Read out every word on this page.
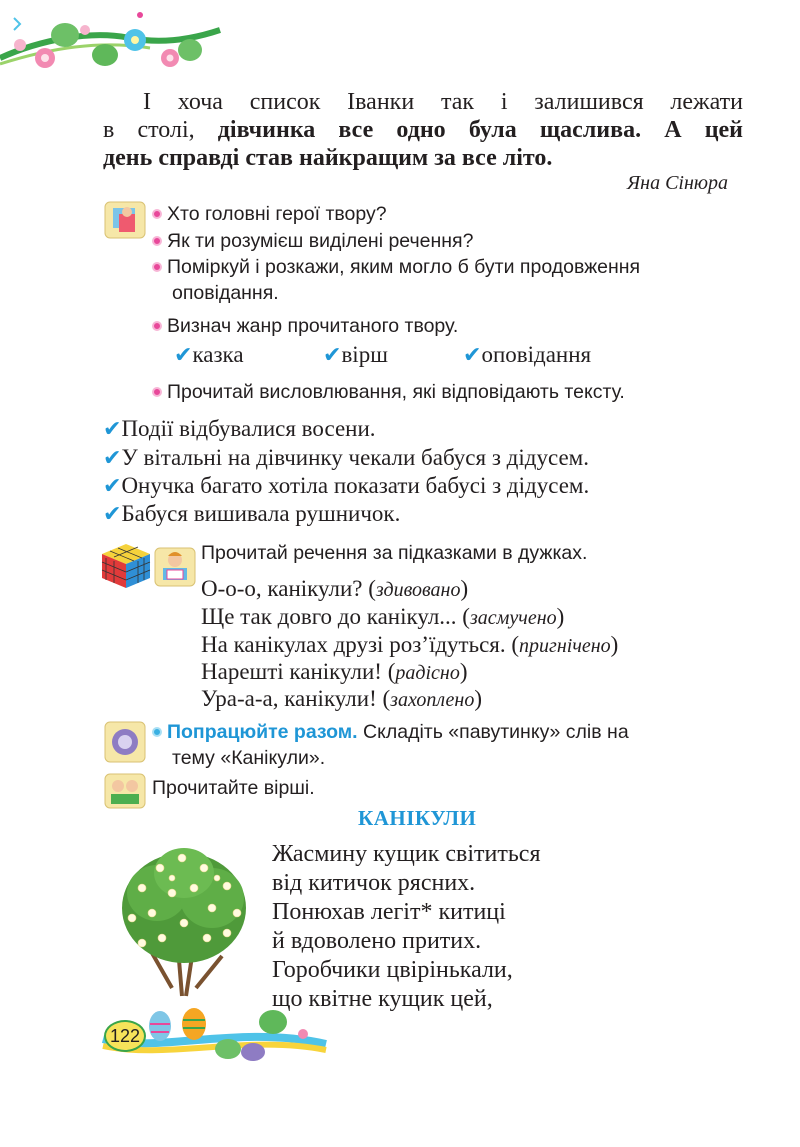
І хоча список Іванки так і залишився лежати
в столі, дівчинка все одно була щаслива. А цей
день справді став найкращим за все літо.
Яна Сінюра
Хто головні герої твору?
Як ти розумієш виділені речення?
Поміркуй і розкажи, яким могло б бути продовження
оповідання.
Визнач жанр прочитаного твору.
✔казка	✔вірш	✔оповідання
Прочитай висловлювання, які відповідають тексту.
✔Події відбувалися восени.
✔У вітальні на дівчинку чекали бабуся з дідусем.
✔Онучка багато хотіла показати бабусі з дідусем.
✔Бабуся вишивала рушничок.
Прочитай речення за підказками в дужках.
О-о-о, канікули? (здивовано)
Ще так довго до канікул... (засмучено)
На канікулах друзі роз’їдуться. (пригнічено)
Нарешті канікули! (радісно)
Ура-а-а, канікули! (захоплено)
Попрацюйте разом. Складіть «павутинку» слів на
тему «Канікули».
Прочитайте вірші.
КАНІКУЛИ
Жасмину кущик світиться
від китичок рясних.
Понюхав легіт* китиці
й вдоволено притих.
Горобчики цвірінькали,
що квітне кущик цей,
122
